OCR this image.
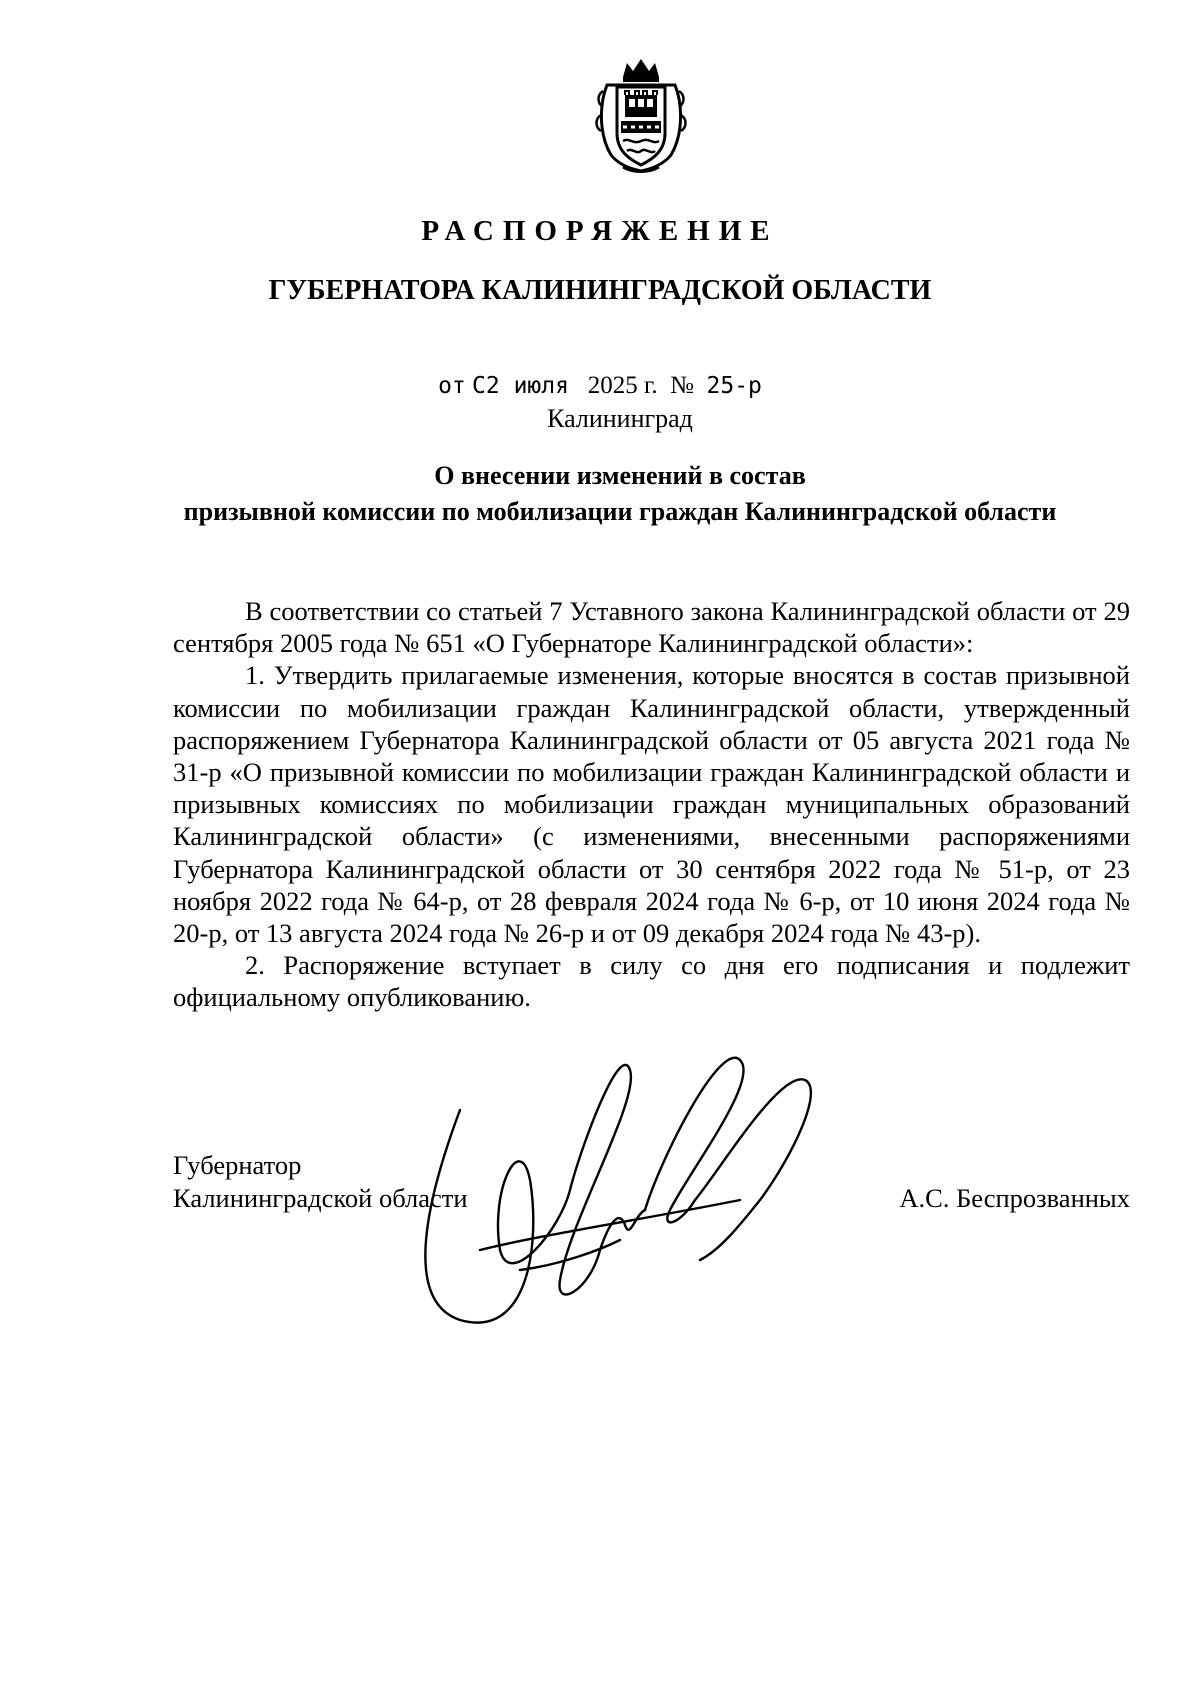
РАСПОРЯЖЕНИЕ
ГУБЕРНАТОРА КАЛИНИНГРАДСКОЙ ОБЛАСТИ
от С2 июля 2025 г. № 25-р
Калининград
О внесении изменений в состав
призывной комиссии по мобилизации граждан Калининградской области

В соответствии со статьей 7 Уставного закона Калининградской области от 29 сентября 2005 года № 651 «О Губернаторе Калининградской области»:

1. Утвердить прилагаемые изменения, которые вносятся в состав призывной комиссии по мобилизации граждан Калининградской области, утвержденный распоряжением Губернатора Калининградской области от 05 августа 2021 года № 31-р «О призывной комиссии по мобилизации граждан Калининградской области и призывных комиссиях по мобилизации граждан муниципальных образований Калининградской области» (с изменениями, внесенными распоряжениями Губернатора Калининградской области от 30 сентября 2022 года № 51-р, от 23 ноября 2022 года № 64-р, от 28 февраля 2024 года № 6-р, от 10 июня 2024 года № 20-р, от 13 августа 2024 года № 26-р и от 09 декабря 2024 года № 43-р).

2. Распоряжение вступает в силу со дня его подписания и подлежит официальному опубликованию.

Губернатор
Калининградской области	А.С. Беспрозванных
